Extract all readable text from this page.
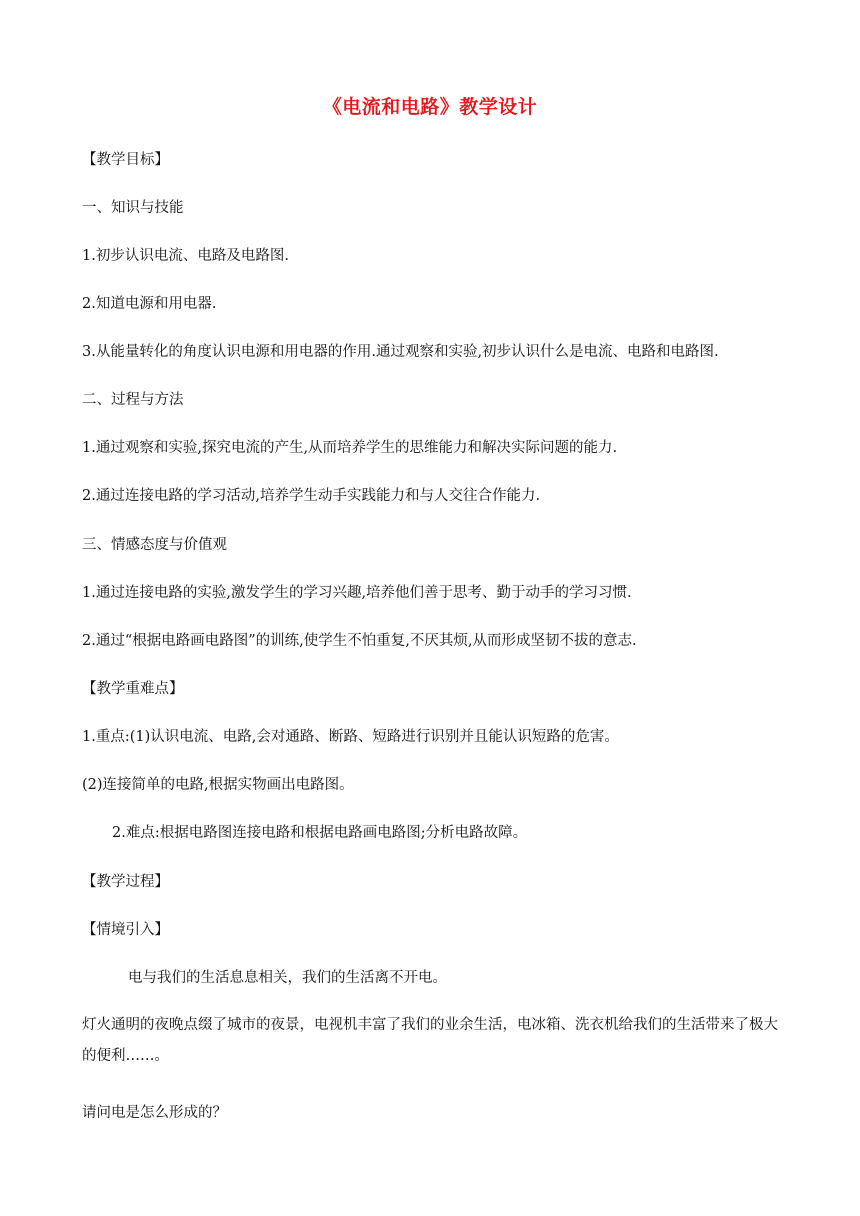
《电流和电路》教学设计
【教学目标】
一、知识与技能
1.初步认识电流、电路及电路图.
2.知道电源和用电器.
3.从能量转化的角度认识电源和用电器的作用.通过观察和实验,初步认识什么是电流、电路和电路图.
二、过程与方法
1.通过观察和实验,探究电流的产生,从而培养学生的思维能力和解决实际问题的能力.
2.通过连接电路的学习活动,培养学生动手实践能力和与人交往合作能力.
三、情感态度与价值观
1.通过连接电路的实验,激发学生的学习兴趣,培养他们善于思考、勤于动手的学习习惯.
2.通过“根据电路画电路图”的训练,使学生不怕重复,不厌其烦,从而形成坚韧不拔的意志.
【教学重难点】
1.重点:(1)认识电流、电路,会对通路、断路、短路进行识别并且能认识短路的危害。
(2)连接简单的电路,根据实物画出电路图。
2.难点:根据电路图连接电路和根据电路画电路图;分析电路故障。
【教学过程】
【情境引入】
电与我们的生活息息相关，我们的生活离不开电。
灯火通明的夜晚点缀了城市的夜景，电视机丰富了我们的业余生活，电冰箱、洗衣机给我们的生活带来了极大的便利……。
请问电是怎么形成的？
